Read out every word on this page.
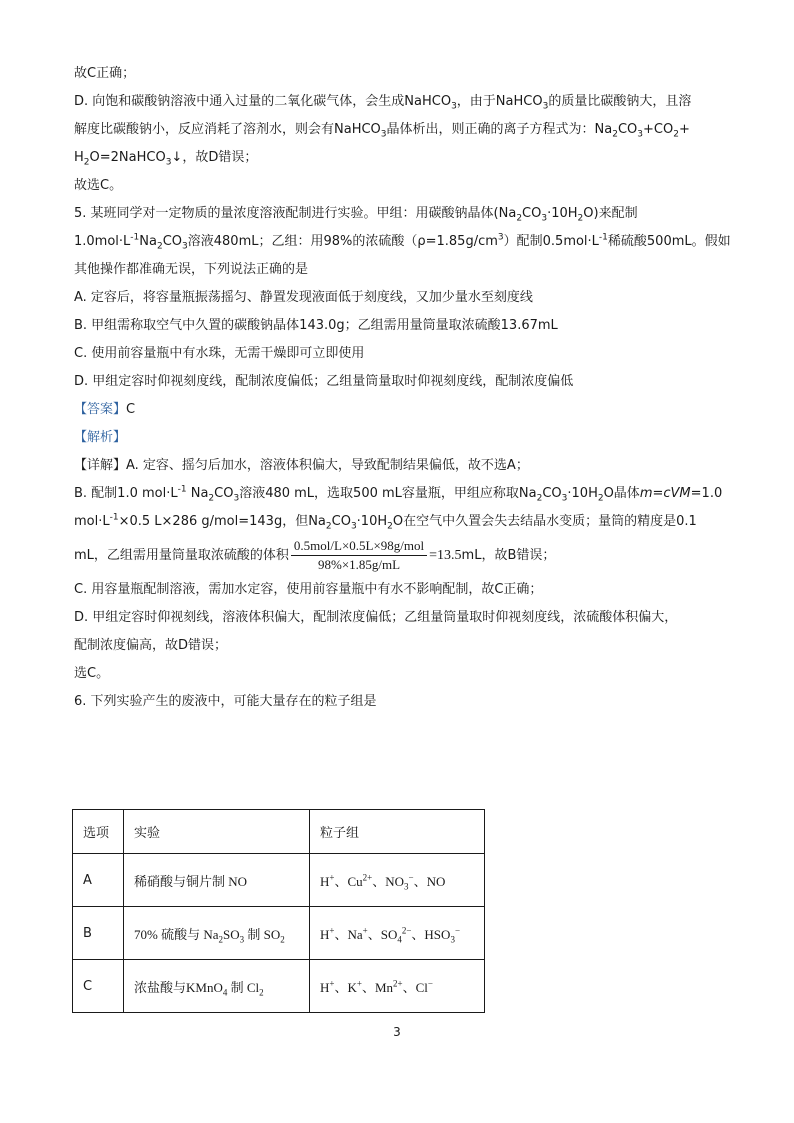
故C正确；
D. 向饱和碳酸钠溶液中通入过量的二氧化碳气体，会生成NaHCO$_3$，由于NaHCO$_3$的质量比碳酸钠大，且溶
解度比碳酸钠小，反应消耗了溶剂水，则会有NaHCO$_3$晶体析出，则正确的离子方程式为：$Na_2CO_3+CO_2+$
$H_2O=2NaHCO_3↓$，故D错误；
故选C。
5. 某班同学对一定物质的量浓度溶液配制进行实验。甲组：用碳酸钠晶体$(Na_2CO_3\cdot 10H_2O)$来配制
$1.0mol\cdot L^{-1}Na_2CO_3$溶液480mL；乙组：用98%的浓硫酸$(\rho=1.85g/cm^3)$配制$0.5mol\cdot L^{-1}$稀硫酸500mL。假如
其他操作都准确无误，下列说法正确的是
A. 定容后，将容量瓶振荡摇匀、静置发现液面低于刻度线，又加少量水至刻度线
B. 甲组需称取空气中久置的碳酸钠晶体143.0g；乙组需用量筒量取浓硫酸13.67mL
C. 使用前容量瓶中有水珠，无需干燥即可立即使用
D. 甲组定容时仰视刻度线，配制浓度偏低；乙组量筒量取时仰视刻度线，配制浓度偏低
【答案】C
【解析】
【详解】A. 定容、摇匀后加水，溶液体积偏大，导致配制结果偏低，故不选A；
B. 配制1.0 $mol\cdot L^{-1}$ $Na_2CO_3$溶液480 mL，选取500 mL容量瓶，甲组应称取$Na_2CO_3\cdot 10H_2O$晶体m=cVM=1.0
$mol\cdot L^{-1}\times 0.5$ L×286 g/mol=143g，但$Na_2CO_3\cdot 10H_2O$在空气中久置会失去结晶水变质；量筒的精度是0.1
mL，乙组需用量筒量取浓硫酸的体积 $\frac{\text{0.5mol/L×0.5L×98g/mol}}{98\%\times 1.85g/mL} =13.5mL$，故B错误；
C. 用容量瓶配制溶液，需加水定容，使用前容量瓶中有水不影响配制，故C正确；
D. 甲组定容时仰视刻线，溶液体积偏大，配制浓度偏低；乙组量筒量取时仰视刻度线，浓硫酸体积偏大，
配制浓度偏高，故D错误；
选C。
6. 下列实验产生的废液中，可能大量存在的粒子组是
选项	实验	粒子组
A	稀硝酸与铜片制 NO	H+、$Cu^{2+}$、$NO_3^-$、NO
B	70% 硫酸与 $Na_2SO_3$ 制 $SO_2$	H+、Na+、$SO_4^{2-}$、$HSO_3^-$
C	浓盐酸与KMnO$_4$ 制 $Cl_2$	H+、K+、$Mn^{2+}$、Cl−
3
